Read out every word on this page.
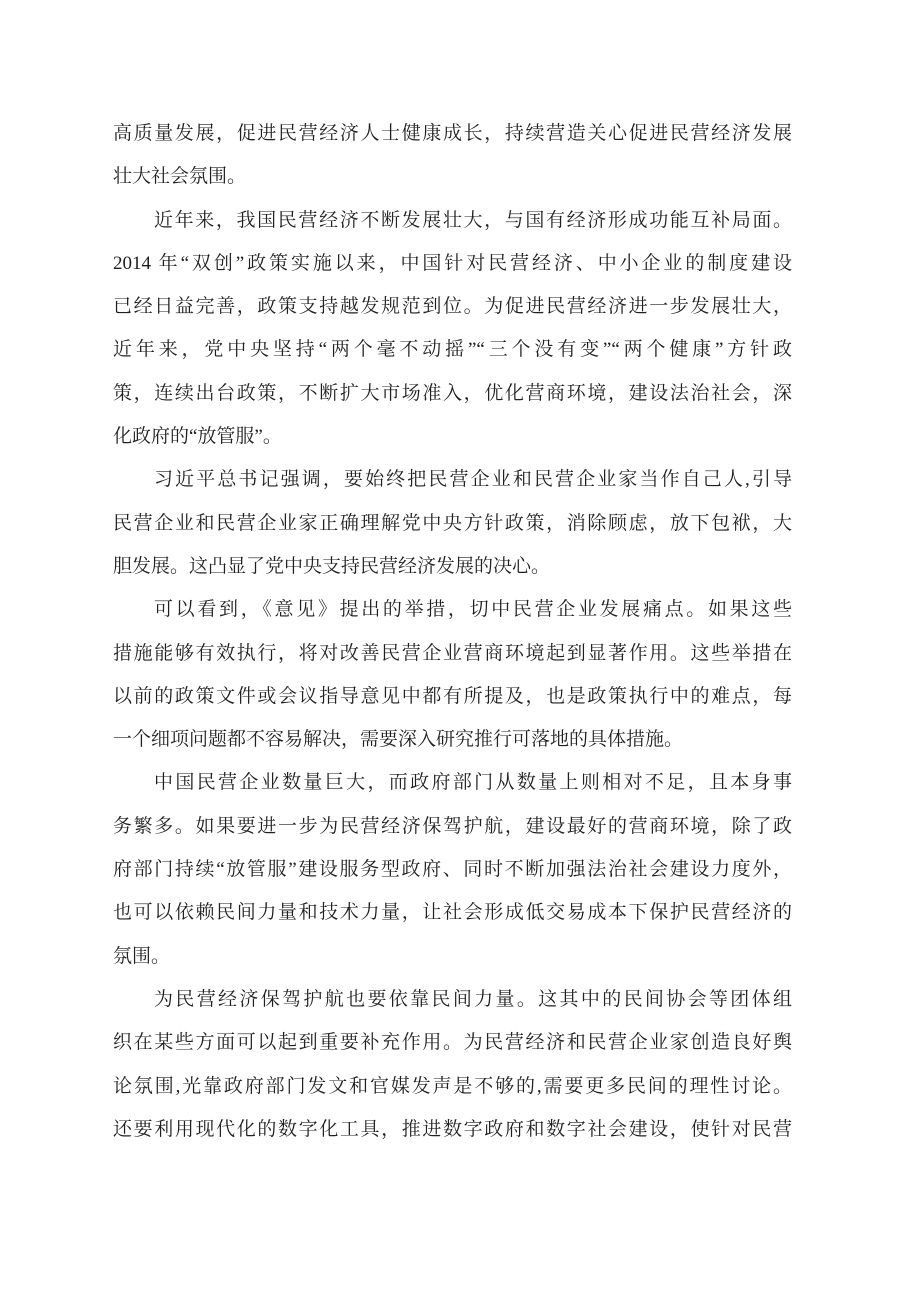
高质量发展，促进民营经济人士健康成长，持续营造关心促进民营经济发展
壮大社会氛围。
近年来，我国民营经济不断发展壮大，与国有经济形成功能互补局面。
2014 年“双创”政策实施以来，中国针对民营经济、中小企业的制度建设
已经日益完善，政策支持越发规范到位。为促进民营经济进一步发展壮大，
近年来，党中央坚持“两个毫不动摇”“三个没有变”“两个健康”方针政
策，连续出台政策，不断扩大市场准入，优化营商环境，建设法治社会，深
化政府的“放管服”。
习近平总书记强调，要始终把民营企业和民营企业家当作自己人,引导
民营企业和民营企业家正确理解党中央方针政策，消除顾虑，放下包袱，大
胆发展。这凸显了党中央支持民营经济发展的决心。
可以看到，《意见》提出的举措，切中民营企业发展痛点。如果这些
措施能够有效执行，将对改善民营企业营商环境起到显著作用。这些举措在
以前的政策文件或会议指导意见中都有所提及，也是政策执行中的难点，每
一个细项问题都不容易解决，需要深入研究推行可落地的具体措施。
中国民营企业数量巨大，而政府部门从数量上则相对不足，且本身事
务繁多。如果要进一步为民营经济保驾护航，建设最好的营商环境，除了政
府部门持续“放管服”建设服务型政府、同时不断加强法治社会建设力度外，
也可以依赖民间力量和技术力量，让社会形成低交易成本下保护民营经济的
氛围。
为民营经济保驾护航也要依靠民间力量。这其中的民间协会等团体组
织在某些方面可以起到重要补充作用。为民营经济和民营企业家创造良好舆
论氛围,光靠政府部门发文和官媒发声是不够的,需要更多民间的理性讨论。
还要利用现代化的数字化工具，推进数字政府和数字社会建设，使针对民营
